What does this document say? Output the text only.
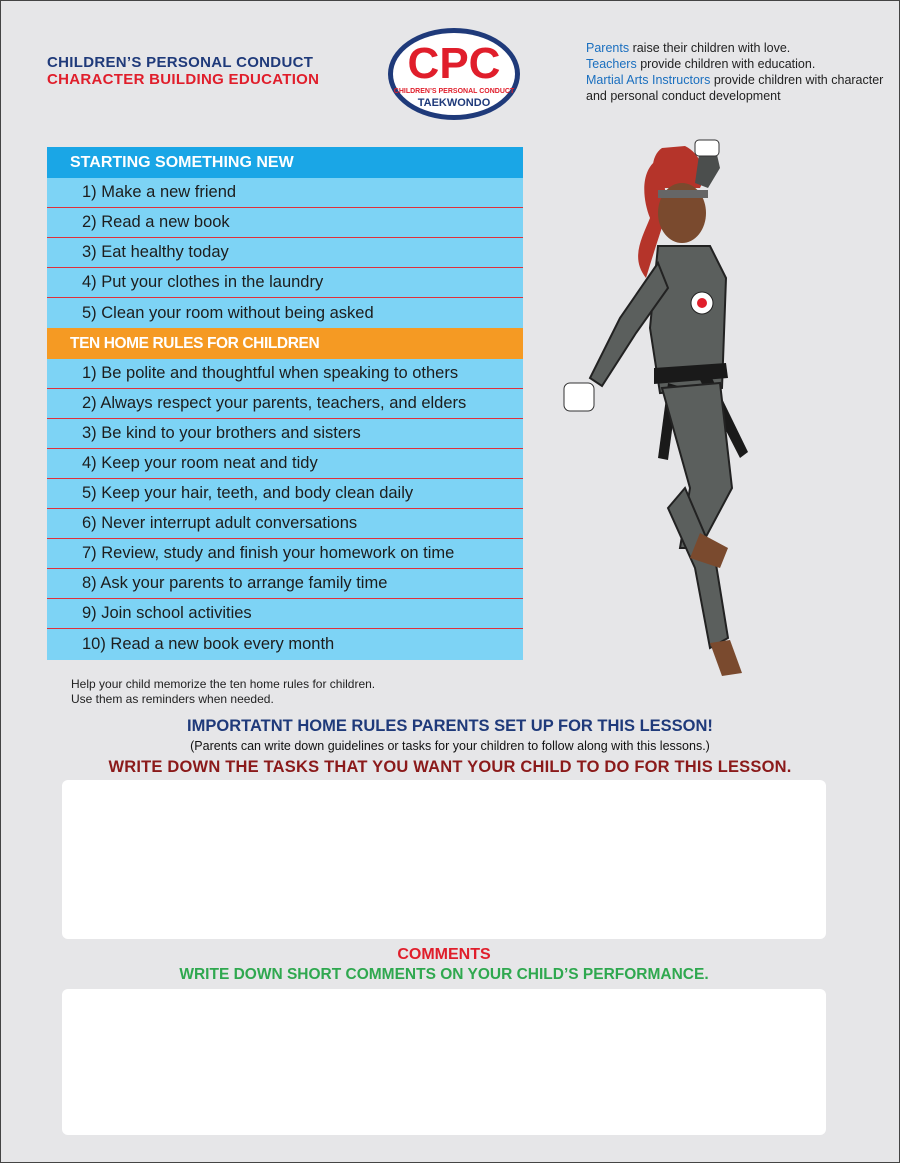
CHILDREN’S PERSONAL CONDUCT
CHARACTER BUILDING EDUCATION CPC
CHILDREN’S PERSONAL CONDUCT
TAEKWONDO
Parents raise their children with love.
Teachers provide children with education.
Martial Arts Instructors provide children with character and personal conduct development
STARTING SOMETHING NEW
1) Make a new friend
2) Read a new book
3) Eat healthy today
4) Put your clothes in the laundry
5) Clean your room without being asked
TEN HOME RULES FOR CHILDREN
1) Be polite and thoughtful when speaking to others
2) Always respect your parents, teachers, and elders
3) Be kind to your brothers and sisters
4) Keep your room neat and tidy
5) Keep your hair, teeth, and body clean daily
6) Never interrupt adult conversations
7) Review, study and finish your homework on time
8) Ask your parents to arrange family time
9) Join school activities
10) Read a new book every month
Help your child memorize the ten home rules for children.
Use them as reminders when needed.
IMPORTATNT HOME RULES PARENTS SET UP FOR THIS LESSON!
(Parents can write down guidelines or tasks for your children to follow along with this lessons.)
WRITE DOWN THE TASKS THAT YOU WANT YOUR CHILD TO DO FOR THIS LESSON.
COMMENTS
WRITE DOWN SHORT COMMENTS ON YOUR CHILD’S PERFORMANCE.
